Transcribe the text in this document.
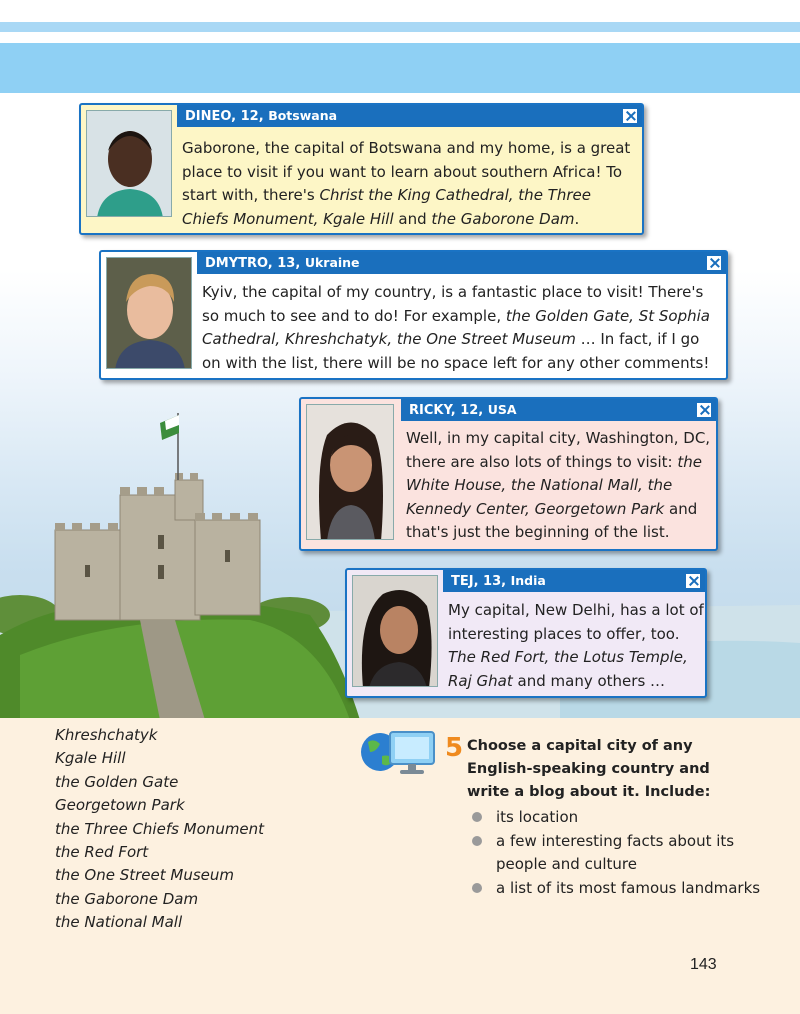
DINEO, 12, Botswana
Gaborone, the capital of Botswana and my home, is a great place to visit if you want to learn about southern Africa! To start with, there's Christ the King Cathedral, the Three Chiefs Monument, Kgale Hill and the Gaborone Dam.
DMYTRO, 13, Ukraine
Kyiv, the capital of my country, is a fantastic place to visit! There's so much to see and to do! For example, the Golden Gate, St Sophia Cathedral, Khreshchatyk, the One Street Museum … In fact, if I go on with the list, there will be no space left for any other comments!
RICKY, 12, USA
Well, in my capital city, Washington, DC, there are also lots of things to visit: the White House, the National Mall, the Kennedy Center, Georgetown Park and that's just the beginning of the list.
TEJ, 13, India
My capital, New Delhi, has a lot of interesting places to offer, too. The Red Fort, the Lotus Temple, Raj Ghat and many others …
Khreshchatyk
Kgale Hill
the Golden Gate
Georgetown Park
the Three Chiefs Monument
the Red Fort
the One Street Museum
the Gaborone Dam
the National Mall
5 Choose a capital city of any English-speaking country and write a blog about it. Include:
its location
a few interesting facts about its people and culture
a list of its most famous landmarks
143
